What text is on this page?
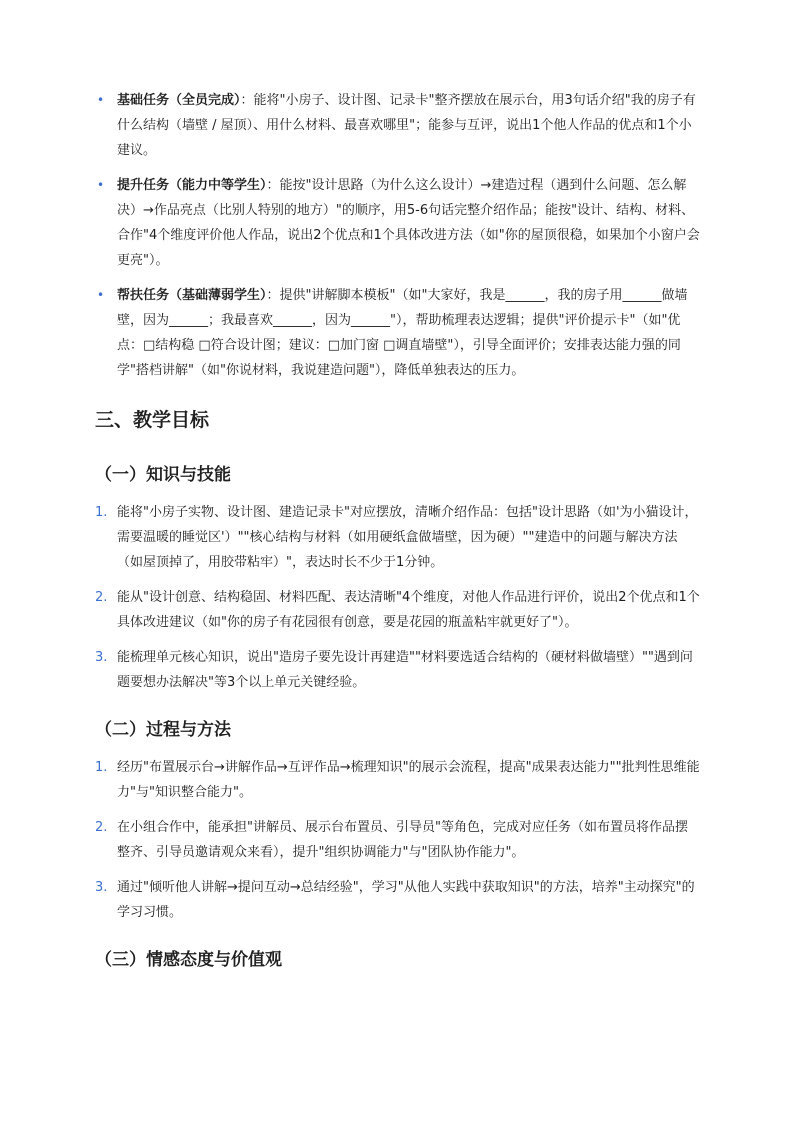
• 基础任务（全员完成）：能将"小房子、设计图、记录卡"整齐摆放在展示台，用3句话介绍"我的房子有什么结构（墙壁 / 屋顶）、用什么材料、最喜欢哪里"；能参与互评，说出1个他人作品的优点和1个小建议。
• 提升任务（能力中等学生）：能按"设计思路（为什么这么设计）→建造过程（遇到什么问题、怎么解决）→作品亮点（比别人特别的地方）"的顺序，用5-6句话完整介绍作品；能按"设计、结构、材料、合作"4个维度评价他人作品，说出2个优点和1个具体改进方法（如"你的屋顶很稳，如果加个小窗户会更亮"）。
• 帮扶任务（基础薄弱学生）：提供"讲解脚本模板"（如"大家好，我是______，我的房子用______做墙壁，因为______；我最喜欢______，因为______"），帮助梳理表达逻辑；提供"评价提示卡"（如"优点：□结构稳 □符合设计图；建议：□加门窗 □调直墙壁"），引导全面评价；安排表达能力强的同学"搭档讲解"（如"你说材料，我说建造问题"），降低单独表达的压力。
三、教学目标
（一）知识与技能
1. 能将"小房子实物、设计图、建造记录卡"对应摆放，清晰介绍作品：包括"设计思路（如'为小猫设计，需要温暖的睡觉区'）""核心结构与材料（如用硬纸盒做墙壁，因为硬）""建造中的问题与解决方法（如屋顶掉了，用胶带粘牢）"，表达时长不少于1分钟。
2. 能从"设计创意、结构稳固、材料匹配、表达清晰"4个维度，对他人作品进行评价，说出2个优点和1个具体改进建议（如"你的房子有花园很有创意，要是花园的瓶盖粘牢就更好了"）。
3. 能梳理单元核心知识，说出"造房子要先设计再建造""材料要选适合结构的（硬材料做墙壁）""遇到问题要想办法解决"等3个以上单元关键经验。
（二）过程与方法
1. 经历"布置展示台→讲解作品→互评作品→梳理知识"的展示会流程，提高"成果表达能力""批判性思维能力"与"知识整合能力"。
2. 在小组合作中，能承担"讲解员、展示台布置员、引导员"等角色，完成对应任务（如布置员将作品摆整齐、引导员邀请观众来看），提升"组织协调能力"与"团队协作能力"。
3. 通过"倾听他人讲解→提问互动→总结经验"，学习"从他人实践中获取知识"的方法，培养"主动探究"的学习习惯。
（三）情感态度与价值观
